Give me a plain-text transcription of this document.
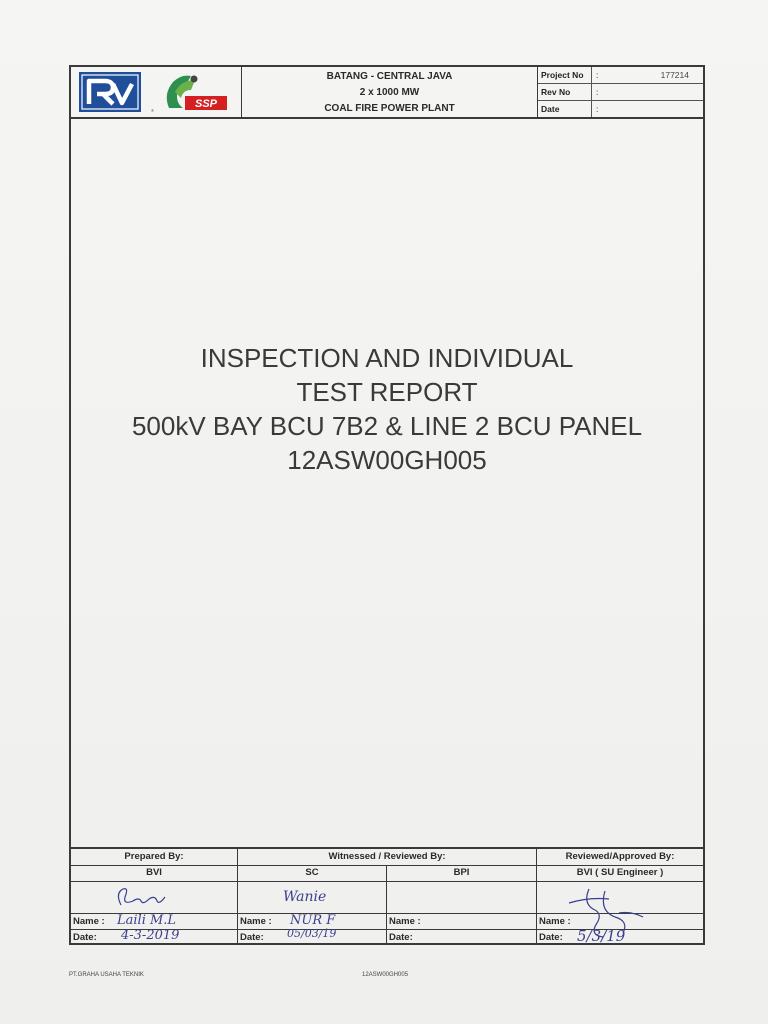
®
SSP
BATANG - CENTRAL JAVA
2 x 1000 MW
COAL FIRE POWER PLANT
Project No	:	177214
Rev No	:
Date	:
INSPECTION AND INDIVIDUAL
TEST REPORT
500kV BAY BCU 7B2 & LINE 2 BCU PANEL
12ASW00GH005
Prepared By:	Witnessed / Reviewed By:	Reviewed/Approved By:
BVI	SC	BPI	BVI ( SU Engineer )
Wanie
Name : Laili M.L	Name : NUR F	Name :	Name :
Date: 4-3-2019	Date: 05/03/19	Date:	Date: 5/3/19
PT.GRAHA USAHA TEKNIK	12ASW00GH005
